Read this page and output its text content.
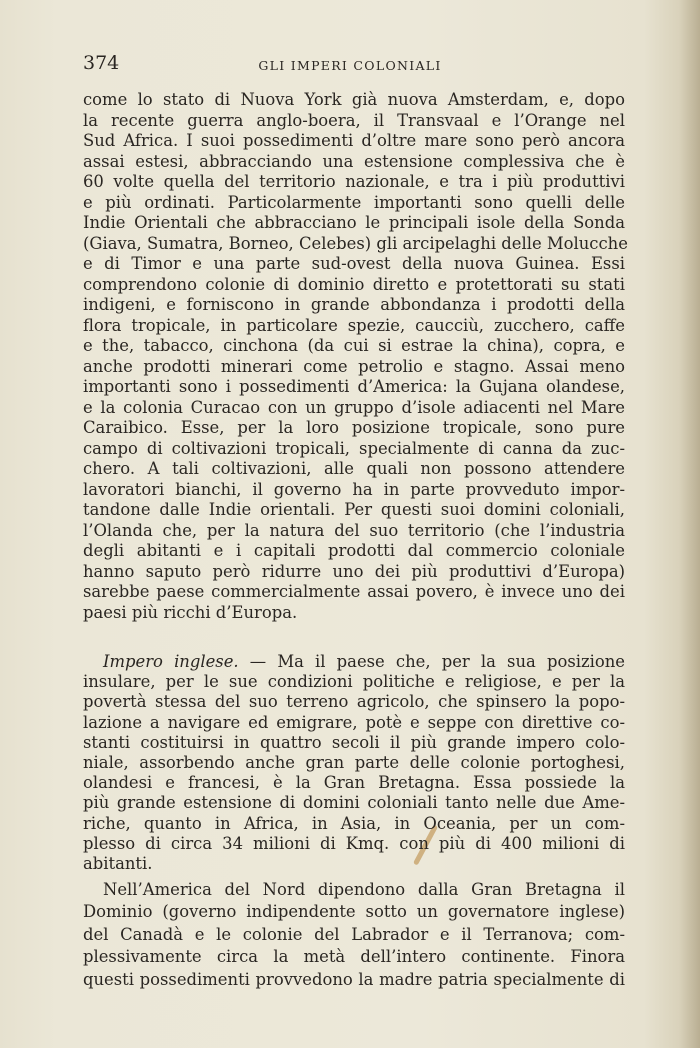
374	GLI IMPERI COLONIALI
come lo stato di Nuova York già nuova Amsterdam, e, dopo
la recente guerra anglo-boera, il Transvaal e l’Orange nel
Sud Africa. I suoi possedimenti d’oltre mare sono però ancora
assai estesi, abbracciando una estensione complessiva che è
60 volte quella del territorio nazionale, e tra i più produttivi
e più ordinati. Particolarmente importanti sono quelli delle
Indie Orientali che abbracciano le principali isole della Sonda
(Giava, Sumatra, Borneo, Celebes) gli arcipelaghi delle Molucche
e di Timor e una parte sud-ovest della nuova Guinea. Essi
comprendono colonie di dominio diretto e protettorati su stati
indigeni, e forniscono in grande abbondanza i prodotti della
flora tropicale, in particolare spezie, caucciù, zucchero, caffe
e the, tabacco, cinchona (da cui si estrae la china), copra, e
anche prodotti minerari come petrolio e stagno. Assai meno
importanti sono i possedimenti d’America: la Gujana olandese,
e la colonia Curacao con un gruppo d’isole adiacenti nel Mare
Caraibico. Esse, per la loro posizione tropicale, sono pure
campo di coltivazioni tropicali, specialmente di canna da zuc-
chero. A tali coltivazioni, alle quali non possono attendere
lavoratori bianchi, il governo ha in parte provveduto impor-
tandone dalle Indie orientali. Per questi suoi domini coloniali,
l’Olanda che, per la natura del suo territorio (che l’industria
degli abitanti e i capitali prodotti dal commercio coloniale
hanno saputo però ridurre uno dei più produttivi d’Europa)
sarebbe paese commercialmente assai povero, è invece uno dei
paesi più ricchi d’Europa.
Impero inglese. — Ma il paese che, per la sua posizione
insulare, per le sue condizioni politiche e religiose, e per la
povertà stessa del suo terreno agricolo, che spinsero la popo-
lazione a navigare ed emigrare, potè e seppe con direttive co-
stanti costituirsi in quattro secoli il più grande impero colo-
niale, assorbendo anche gran parte delle colonie portoghesi,
olandesi e francesi, è la Gran Bretagna. Essa possiede la
più grande estensione di domini coloniali tanto nelle due Ame-
riche, quanto in Africa, in Asia, in Oceania, per un com-
plesso di circa 34 milioni di Kmq. con più di 400 milioni di
abitanti.
Nell’America del Nord dipendono dalla Gran Bretagna il
Dominio (governo indipendente sotto un governatore inglese)
del Canadà e le colonie del Labrador e il Terranova; com-
plessivamente circa la metà dell’intero continente. Finora
questi possedimenti provvedono la madre patria specialmente di
